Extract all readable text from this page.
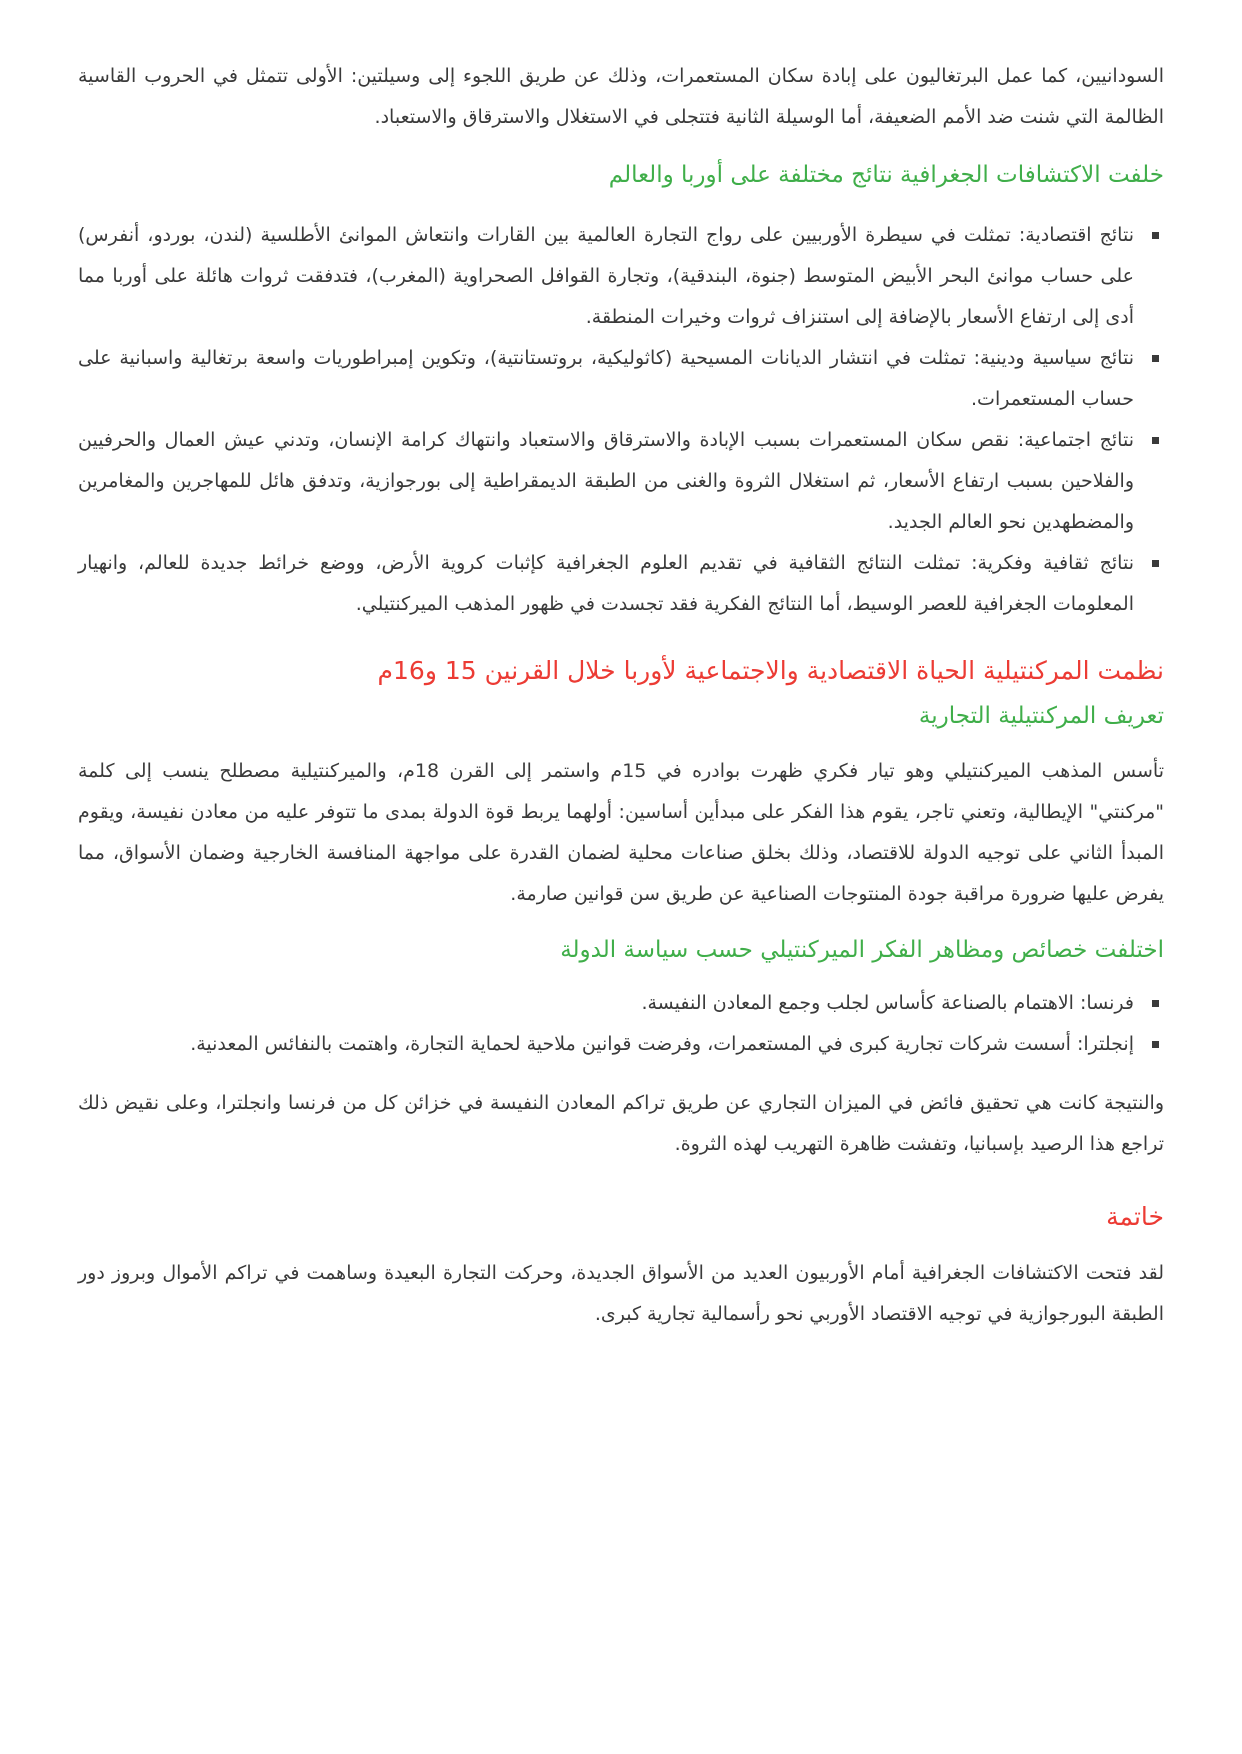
السودانيين، كما عمل البرتغاليون على إبادة سكان المستعمرات، وذلك عن طريق اللجوء إلى وسيلتين: الأولى تتمثل في الحروب القاسية الظالمة التي شنت ضد الأمم الضعيفة، أما الوسيلة الثانية فتتجلى في الاستغلال والاسترقاق والاستعباد.

خلفت الاكتشافات الجغرافية نتائج مختلفة على أوربا والعالم
نتائج اقتصادية: تمثلت في سيطرة الأوربيين على رواج التجارة العالمية بين القارات وانتعاش الموانئ الأطلسية (لندن، بوردو، أنفرس) على حساب موانئ البحر الأبيض المتوسط (جنوة، البندقية)، وتجارة القوافل الصحراوية (المغرب)، فتدفقت ثروات هائلة على أوربا مما أدى إلى ارتفاع الأسعار بالإضافة إلى استنزاف ثروات وخيرات المنطقة.
نتائج سياسية ودينية: تمثلت في انتشار الديانات المسيحية (كاثوليكية، بروتستانتية)، وتكوين إمبراطوريات واسعة برتغالية واسبانية على حساب المستعمرات.
نتائج اجتماعية: نقص سكان المستعمرات بسبب الإبادة والاسترقاق والاستعباد وانتهاك كرامة الإنسان، وتدني عيش العمال والحرفيين والفلاحين بسبب ارتفاع الأسعار، ثم استغلال الثروة والغنى من الطبقة الديمقراطية إلى بورجوازية، وتدفق هائل للمهاجرين والمغامرين والمضطهدين نحو العالم الجديد.
نتائج ثقافية وفكرية: تمثلت النتائج الثقافية في تقديم العلوم الجغرافية كإثبات كروية الأرض، ووضع خرائط جديدة للعالم، وانهيار المعلومات الجغرافية للعصر الوسيط، أما النتائج الفكرية فقد تجسدت في ظهور المذهب الميركنتيلي.
نظمت المركنتيلية الحياة الاقتصادية والاجتماعية لأوربا خلال القرنين 15 و16م
تعريف المركنتيلية التجارية

تأسس المذهب الميركنتيلي وهو تيار فكري ظهرت بوادره في 15م واستمر إلى القرن 18م، والميركنتيلية مصطلح ينسب إلى كلمة "مركنتي" الإيطالية، وتعني تاجر، يقوم هذا الفكر على مبدأين أساسين: أولهما يربط قوة الدولة بمدى ما تتوفر عليه من معادن نفيسة، ويقوم المبدأ الثاني على توجيه الدولة للاقتصاد، وذلك بخلق صناعات محلية لضمان القدرة على مواجهة المنافسة الخارجية وضمان الأسواق، مما يفرض عليها ضرورة مراقبة جودة المنتوجات الصناعية عن طريق سن قوانين صارمة.

اختلفت خصائص ومظاهر الفكر الميركنتيلي حسب سياسة الدولة
فرنسا: الاهتمام بالصناعة كأساس لجلب وجمع المعادن النفيسة.
إنجلترا: أسست شركات تجارية كبرى في المستعمرات، وفرضت قوانين ملاحية لحماية التجارة، واهتمت بالنفائس المعدنية.

والنتيجة كانت هي تحقيق فائض في الميزان التجاري عن طريق تراكم المعادن النفيسة في خزائن كل من فرنسا وانجلترا، وعلى نقيض ذلك تراجع هذا الرصيد بإسبانيا، وتفشت ظاهرة التهريب لهذه الثروة.

خاتمة

لقد فتحت الاكتشافات الجغرافية أمام الأوربيون العديد من الأسواق الجديدة، وحركت التجارة البعيدة وساهمت في تراكم الأموال وبروز دور الطبقة البورجوازية في توجيه الاقتصاد الأوربي نحو رأسمالية تجارية كبرى.
